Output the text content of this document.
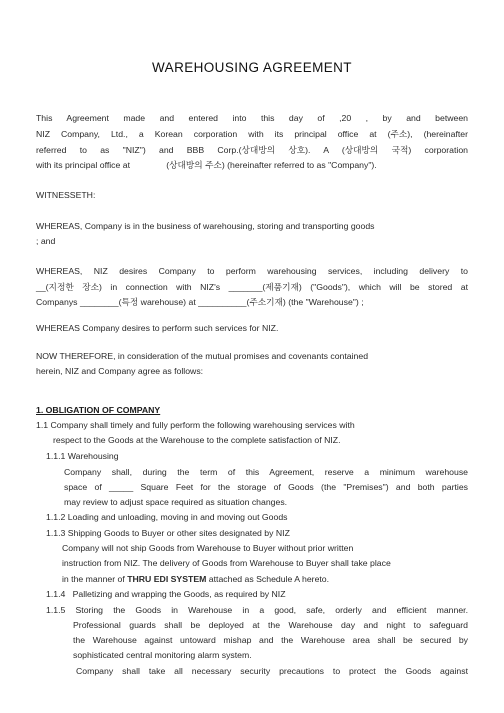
WAREHOUSING AGREEMENT
This Agreement made and entered into this day of ,20 , by and between
NIZ Company, Ltd., a Korean corporation with its principal office at (주소), (hereinafter
referred to as "NIZ") and BBB Corp.(상대방의 상호). A (상대방의 국적) corporation
with its principal office at               (상대방의 주소) (hereinafter referred to as "Company").
WITNESSETH:
WHEREAS, Company is in the business of warehousing, storing and transporting goods
; and
WHEREAS, NIZ desires Company to perform warehousing services, including delivery to
__(지정한 장소) in connection with NIZ's _______(제품기재) ("Goods"), which will be stored at
Companys ________(특정 warehouse) at __________(주소기재) (the "Warehouse") ;
WHEREAS Company desires to perform such services for NIZ.
NOW THEREFORE, in consideration of the mutual promises and covenants contained
herein, NIZ and Company agree as follows:
1. OBLIGATION OF COMPANY
1.1 Company shall timely and fully perform the following warehousing services with
respect to the Goods at the Warehouse to the complete satisfaction of NIZ.
1.1.1 Warehousing
Company shall, during the term of this Agreement, reserve a minimum warehouse
space of _____ Square Feet for the storage of Goods (the "Premises") and both parties
may review to adjust space required as situation changes.
1.1.2 Loading and unloading, moving in and moving out Goods
1.1.3 Shipping Goods to Buyer or other sites designated by NIZ
Company will not ship Goods from Warehouse to Buyer without prior written
instruction from NIZ. The delivery of Goods from Warehouse to Buyer shall take place
in the manner of THRU EDI SYSTEM attached as Schedule A hereto.
1.1.4   Palletizing and wrapping the Goods, as required by NIZ
1.1.5 Storing the Goods in Warehouse in a good, safe, orderly and efficient manner.
Professional guards shall be deployed at the Warehouse day and night to safeguard
the Warehouse against untoward mishap and the Warehouse area shall be secured by
sophisticated central monitoring alarm system.
Company shall take all necessary security precautions to protect the Goods against
